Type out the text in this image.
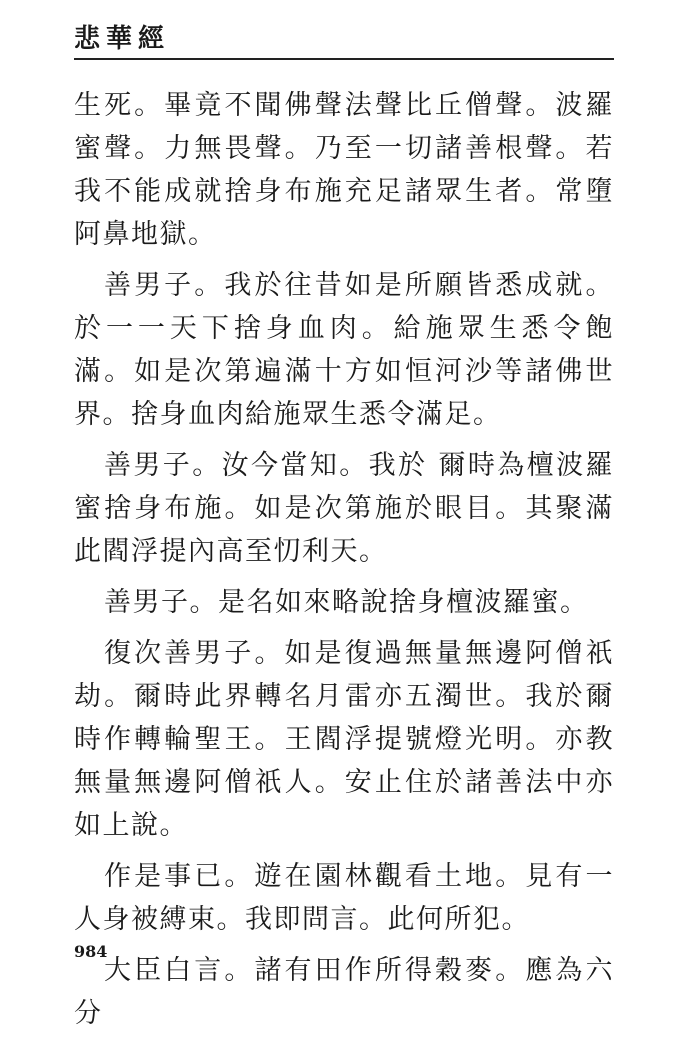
悲華經

生死。畢竟不聞佛聲法聲比丘僧聲。波羅蜜聲。力無畏聲。乃至一切諸善根聲。若我不能成就捨身布施充足諸眾生者。常墮阿鼻地獄。

善男子。我於往昔如是所願皆悉成就。於一一天下捨身血肉。給施眾生悉令飽滿。如是次第遍滿十方如恒河沙等諸佛世界。捨身血肉給施眾生悉令滿足。

善男子。汝今當知。我於 爾時為檀波羅蜜捨身布施。如是次第施於眼目。其聚滿此閻浮提內高至忉利天。

善男子。是名如來略說捨身檀波羅蜜。

復次善男子。如是復過無量無邊阿僧祇劫。爾時此界轉名月雷亦五濁世。我於爾時作轉輪聖王。王閻浮提號燈光明。亦教無量無邊阿僧祇人。安止住於諸善法中亦如上說。

作是事已。遊在園林觀看土地。見有一人身被縛束。我即問言。此何所犯。

大臣白言。諸有田作所得穀麥。應為六分

984
